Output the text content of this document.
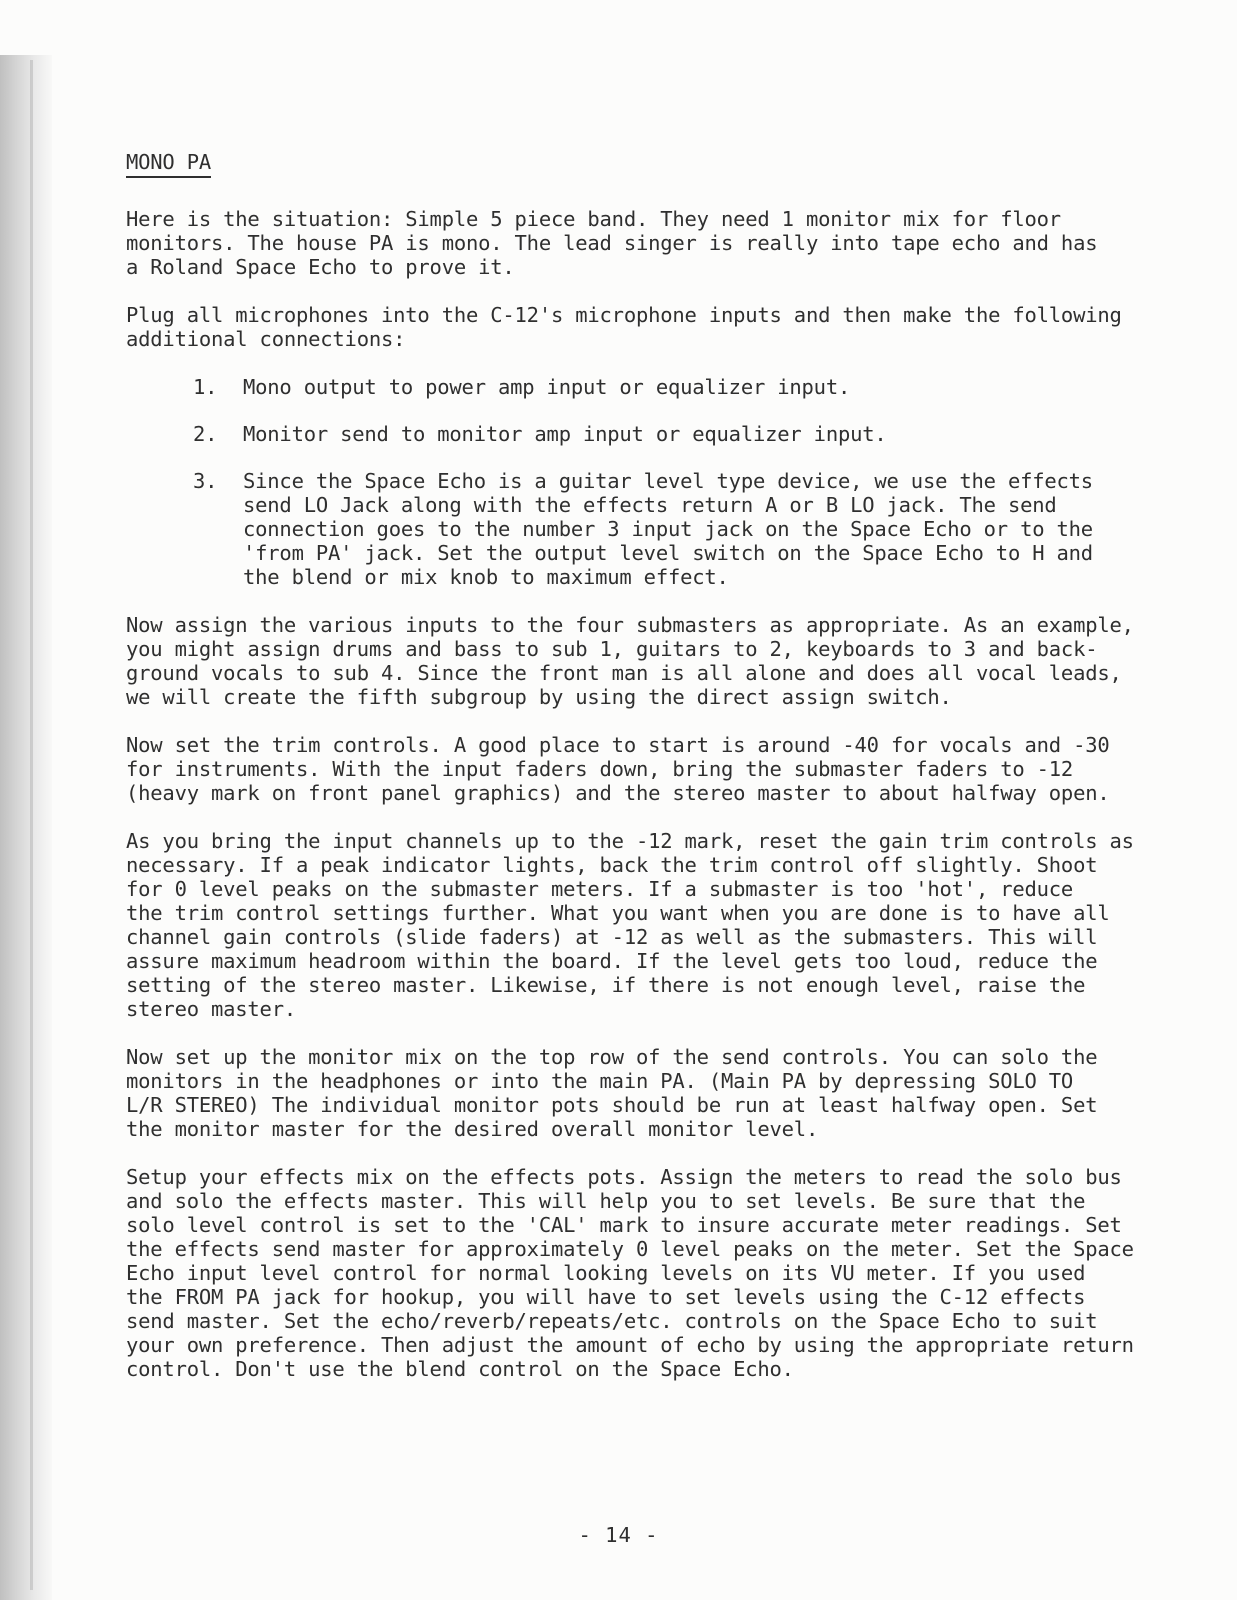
MONO PA

Here is the situation: Simple 5 piece band. They need 1 monitor mix for floor
monitors. The house PA is mono. The lead singer is really into tape echo and has
a Roland Space Echo to prove it.

Plug all microphones into the C-12's microphone inputs and then make the following
additional connections:

1.	Mono output to power amp input or equalizer input.
2.	Monitor send to monitor amp input or equalizer input.
3.	Since the Space Echo is a guitar level type device, we use the effects
send LO Jack along with the effects return A or B LO jack. The send
connection goes to the number 3 input jack on the Space Echo or to the
'from PA' jack. Set the output level switch on the Space Echo to H and
the blend or mix knob to maximum effect.

Now assign the various inputs to the four submasters as appropriate. As an example,
you might assign drums and bass to sub 1, guitars to 2, keyboards to 3 and back-
ground vocals to sub 4. Since the front man is all alone and does all vocal leads,
we will create the fifth subgroup by using the direct assign switch.

Now set the trim controls. A good place to start is around -40 for vocals and -30
for instruments. With the input faders down, bring the submaster faders to -12
(heavy mark on front panel graphics) and the stereo master to about halfway open.

As you bring the input channels up to the -12 mark, reset the gain trim controls as
necessary. If a peak indicator lights, back the trim control off slightly. Shoot
for 0 level peaks on the submaster meters. If a submaster is too 'hot', reduce
the trim control settings further. What you want when you are done is to have all
channel gain controls (slide faders) at -12 as well as the submasters. This will
assure maximum headroom within the board. If the level gets too loud, reduce the
setting of the stereo master. Likewise, if there is not enough level, raise the
stereo master.

Now set up the monitor mix on the top row of the send controls. You can solo the
monitors in the headphones or into the main PA. (Main PA by depressing SOLO TO
L/R STEREO) The individual monitor pots should be run at least halfway open. Set
the monitor master for the desired overall monitor level.

Setup your effects mix on the effects pots. Assign the meters to read the solo bus
and solo the effects master. This will help you to set levels. Be sure that the
solo level control is set to the 'CAL' mark to insure accurate meter readings. Set
the effects send master for approximately 0 level peaks on the meter. Set the Space
Echo input level control for normal looking levels on its VU meter. If you used
the FROM PA jack for hookup, you will have to set levels using the C-12 effects
send master. Set the echo/reverb/repeats/etc. controls on the Space Echo to suit
your own preference. Then adjust the amount of echo by using the appropriate return
control. Don't use the blend control on the Space Echo.

- 14 -
